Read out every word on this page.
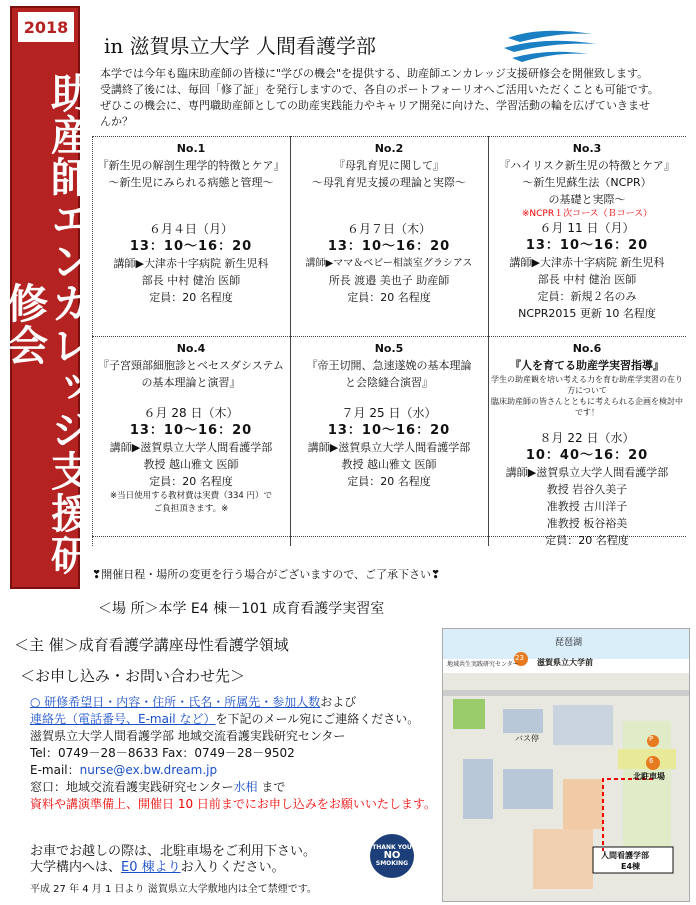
2018
助産師エンカレッジ支援研修会
in 滋賀県立大学 人間看護学部
本学では今年も臨床助産師の皆様に"学びの機会"を提供する、助産師エンカレッジ支援研修会を開催致します。
受講終了後には、毎回「修了証」を発行しますので、各自のポートフォーリオへご活用いただくことも可能です。
ぜひこの機会に、専門職助産師としての助産実践能力やキャリア開発に向けた、学習活動の輪を広げていきませんか？
No.1
『新生児の解剖生理学的特徴とケア』
～新生児にみられる病態と管理～
６月４日（月）
13：10～16：20
講師▶大津赤十字病院 新生児科
部長 中村 健治 医師
定員：20 名程度
No.2
『母乳育児に関して』
～母乳育児支援の理論と実際～
６月７日（木）
13：10～16：20
講師▶ママ＆ベビー相談室グラシアス
所長 渡邉 美也子 助産師
定員：20 名程度
No.3
『ハイリスク新生児の特徴とケア』
～新生児蘇生法（NCPR）
の基礎と実際～
※NCPR１次コース（Ｂコース）
６月 11 日（月）
13：10～16：20
講師▶大津赤十字病院 新生児科
部長 中村 健治 医師
定員：新規２名のみ
NCPR2015 更新 10 名程度
No.4
『子宮頸部細胞診とベセスダシステム
の基本理論と演習』
６月 28 日（木）
13：10～16：20
講師▶滋賀県立大学人間看護学部
教授 越山雅文 医師
定員：20 名程度
※当日使用する教材費は実費（334 円）で
ご負担頂きます。※
No.5
『帝王切開、急速遂娩の基本理論
と会陰縫合演習』
７月 25 日（水）
13：10～16：20
講師▶滋賀県立大学人間看護学部
教授 越山雅文 医師
定員：20 名程度
No.6
『人を育てる助産学実習指導』
学生の助産観を培い考える力を育む助産学実習の在り方について
臨床助産師の皆さんとともに考えられる企画を検討中です！
８月 22 日（水）
10：40～16：20
講師▶滋賀県立大学人間看護学部
教授 岩谷久美子
准教授 古川洋子
准教授 板谷裕美
定員：20 名程度
❣開催日程・場所の変更を行う場合がございますので、ご了承下さい❣
＜場 所＞本学 E4 棟－101 成育看護学実習室
＜主 催＞成育看護学講座母性看護学領域
＜お申し込み・お問い合わせ先＞
○ 研修希望日・内容・住所・氏名・所属先・参加人数および
連絡先（電話番号、E-mail など）を下記のメール宛にご連絡ください。
滋賀県立大学人間看護学部 地域交流看護実践研究センター
Tel：0749－28－8633 Fax：0749－28－9502
E-mail：nurse@ex.bw.dream.jp
窓口：地域交流看護実践研究センター水相 まで
資料や講演準備上、開催日 10 日前までにお申し込みをお願いいたします。
お車でお越しの際は、北駐車場をご利用下さい。
大学構内へは、E0 棟よりお入りください。
平成 27 年 4 月 1 日より 滋賀県立大学敷地内は全て禁煙です。
THANK YOU
NO
SMOKING
琵琶湖
地域共生実践研究センター
23 滋賀県立大学前
バス停	P
6
北駐車場
人間看護学部
E4棟
